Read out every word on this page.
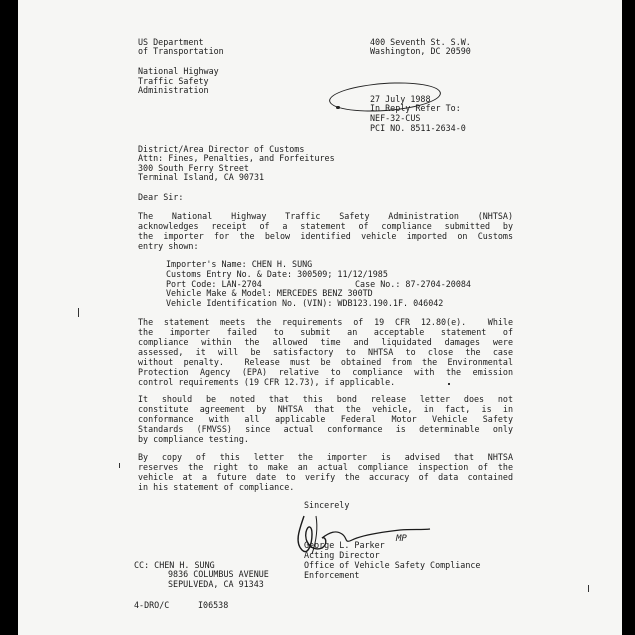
US Department

of Transportation

National Highway

Traffic Safety

Administration

400 Seventh St. S.W.

Washington, DC 20590

27 July 1988

In Reply Refer To:

NEF-32-CUS

PCI NO. 8511-2634-0

District/Area Director of Customs

Attn: Fines, Penalties, and Forfeitures

300 South Ferry Street

Terminal Island, CA 90731

Dear Sir:

The National Highway Traffic Safety Administration (NHTSA)

acknowledges receipt of a statement of compliance submitted by

the importer for the below identified vehicle imported on Customs

entry shown:

Importer's Name: CHEN H. SUNG

Customs Entry No. & Date: 300509; 11/12/1985

Port Code: LAN-2704	Case No.: 87-2704-20084

Vehicle Make & Model: MERCEDES BENZ 300TD

Vehicle Identification No. (VIN): WDB123.190.1F. 046042

The statement meets the requirements of 19 CFR 12.80(e).  While

the importer failed to submit an acceptable statement of

compliance within the allowed time and liquidated damages were

assessed, it will be satisfactory to NHTSA to close the case

without penalty.  Release must be obtained from the Environmental

Protection Agency (EPA) relative to compliance with the emission

control requirements (19 CFR 12.73), if applicable.

It should be noted that this bond release letter does not

constitute agreement by NHTSA that the vehicle, in fact, is in

conformance with all applicable Federal Motor Vehicle Safety

Standards (FMVSS) since actual conformance is determinable only

by compliance testing.

By copy of this letter the importer is advised that NHTSA

reserves the right to make an actual compliance inspection of the

vehicle at a future date to verify the accuracy of data contained

in his statement of compliance.

Sincerely

George L. Parker

MP

Acting Director

Office of Vehicle Safety Compliance

Enforcement

CC: CHEN H. SUNG

9836 COLUMBUS AVENUE

SEPULVEDA, CA 91343

4-DRO/C	I06538
